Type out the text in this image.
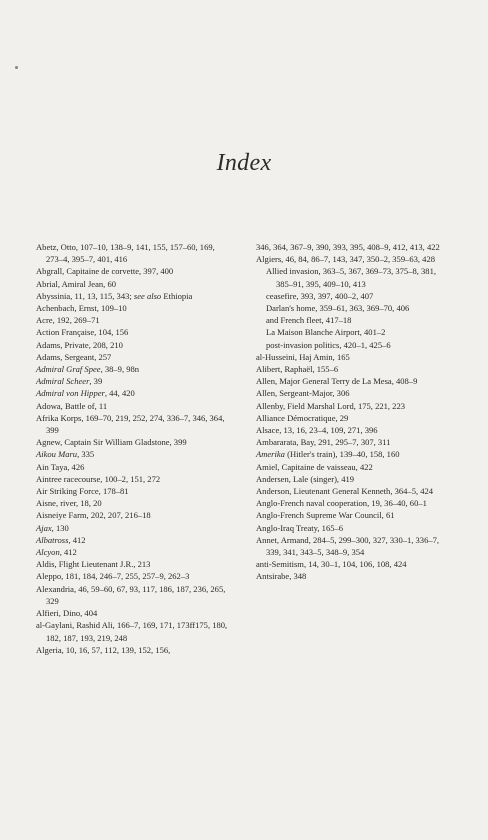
Index

Abetz, Otto, 107–10, 138–9, 141, 155, 157–60, 169, 273–4, 395–7, 401, 416

Abgrall, Capitaine de corvette, 397, 400

Abrial, Amiral Jean, 60

Abyssinia, 11, 13, 115, 343; see also Ethiopia

Achenbach, Ernst, 109–10

Acre, 192, 269–71

Action Française, 104, 156

Adams, Private, 208, 210

Adams, Sergeant, 257

Admiral Graf Spee, 38–9, 98n

Admiral Scheer, 39

Admiral von Hipper, 44, 420

Adowa, Battle of, 11

Afrika Korps, 169–70, 219, 252, 274, 336–7, 346, 364, 399

Agnew, Captain Sir William Gladstone, 399

Aikou Maru, 335

Ain Taya, 426

Aintree racecourse, 100–2, 151, 272

Air Striking Force, 178–81

Aisne, river, 18, 20

Aisneiye Farm, 202, 207, 216–18

Ajax, 130

Albatross, 412

Alcyon, 412

Aldis, Flight Lieutenant J.R., 213

Aleppo, 181, 184, 246–7, 255, 257–9, 262–3

Alexandria, 46, 59–60, 67, 93, 117, 186, 187, 236, 265, 329

Alfieri, Dino, 404

al-Gaylani, Rashid Ali, 166–7, 169, 171, 173ff175, 180, 182, 187, 193, 219, 248

Algeria, 10, 16, 57, 112, 139, 152, 156,

346, 364, 367–9, 390, 393, 395, 408–9, 412, 413, 422

Algiers, 46, 84, 86–7, 143, 347, 350–2, 359–63, 428

Allied invasion, 363–5, 367, 369–73, 375–8, 381, 385–91, 395, 409–10, 413

ceasefire, 393, 397, 400–2, 407

Darlan's home, 359–61, 363, 369–70, 406

and French fleet, 417–18

La Maison Blanche Airport, 401–2

post-invasion politics, 420–1, 425–6

al-Husseini, Haj Amin, 165

Alibert, Raphaël, 155–6

Allen, Major General Terry de La Mesa, 408–9

Allen, Sergeant-Major, 306

Allenby, Field Marshal Lord, 175, 221, 223

Alliance Démocratique, 29

Alsace, 13, 16, 23–4, 109, 271, 396

Ambararata, Bay, 291, 295–7, 307, 311

Amerika (Hitler's train), 139–40, 158, 160

Amiel, Capitaine de vaisseau, 422

Andersen, Lale (singer), 419

Anderson, Lieutenant General Kenneth, 364–5, 424

Anglo-French naval cooperation, 19, 36–40, 60–1

Anglo-French Supreme War Council, 61

Anglo-Iraq Treaty, 165–6

Annet, Armand, 284–5, 299–300, 327, 330–1, 336–7, 339, 341, 343–5, 348–9, 354

anti-Semitism, 14, 30–1, 104, 106, 108, 424

Antsirabe, 348
